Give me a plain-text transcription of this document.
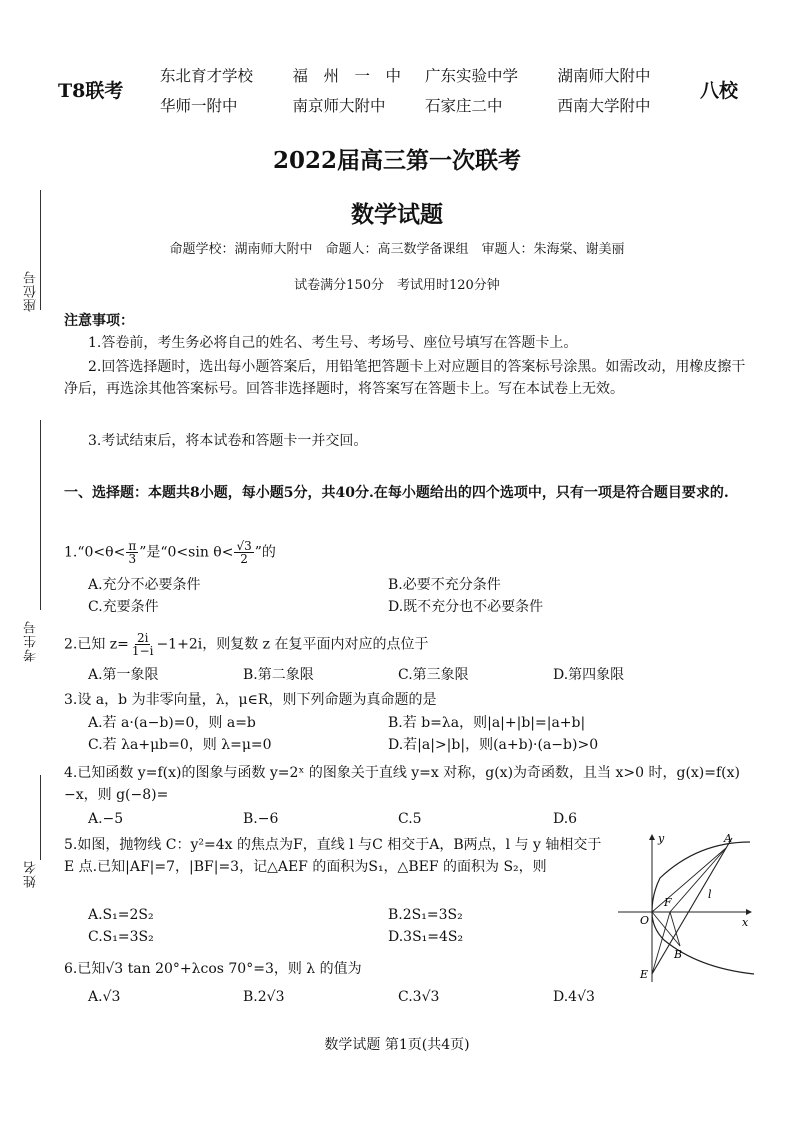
座位号
考生号
姓名
T8联考
东北育才学校	福　州　一　中	广东实验中学	湖南师大附中
华师一附中	南京师大附中	石家庄二中	西南大学附中
八校
2022届高三第一次联考
数学试题
命题学校：湖南师大附中　命题人：高三数学备课组　审题人：朱海棠、谢美丽
试卷满分150分　考试用时120分钟
注意事项：
1.答卷前，考生务必将自己的姓名、考生号、考场号、座位号填写在答题卡上。
2.回答选择题时，选出每小题答案后，用铅笔把答题卡上对应题目的答案标号涂黑。如需改动，用橡皮擦干净后，再选涂其他答案标号。回答非选择题时，将答案写在答题卡上。写在本试卷上无效。
3.考试结束后，将本试卷和答题卡一并交回。
一、选择题：本题共8小题，每小题5分，共40分.在每小题给出的四个选项中，只有一项是符合题目要求的.
1.“0<θ< $\frac{\pi}{3}$ ”是“0<sin $\theta< \frac{√3}{2}$ ”的
A.充分不必要条件	B.必要不充分条件
C.充要条件	D.既不充分也不必要条件
2.已知 $z= \frac{2i}{1-i} -1+2i$，则复数 z 在复平面内对应的点位于
A.第一象限	B.第二象限	C.第三象限	D.第四象限
3.设 a，b 为非零向量，λ，μ∈R，则下列命题为真命题的是
A.若 a·(a−b)=0，则 a=b	B.若 b=λa，则|a|+|b|=|a+b|
C.若 λa+μb=0，则 λ=μ=0	D.若|a|>|b|，则(a+b)·(a−b)>0
4.已知函数 y=f(x)的图象与函数 y=2ˣ 的图象关于直线 y=x 对称，g(x)为奇函数，且当 x>0 时，g(x)=f(x)−x，则 g(−8)=
A.−5	B.−6	C.5	D.6
5.如图，抛物线 C：y²=4x 的焦点为F，直线 l 与C 相交于A，B两点，l 与 y 轴相交于 E 点.已知|AF|=7，|BF|=3，记△AEF 的面积为S₁，△BEF 的面积为 S₂，则
A.S₁=2S₂	B.2S₁=3S₂
C.S₁=3S₂	D.3S₁=4S₂
y
x
A
B
F
O
E
l
6.已知√3 tan 20°+λcos 70°=3，则 λ 的值为
A.√3	B.2√3	C.3√3	D.4√3
数学试题 第1页(共4页)
